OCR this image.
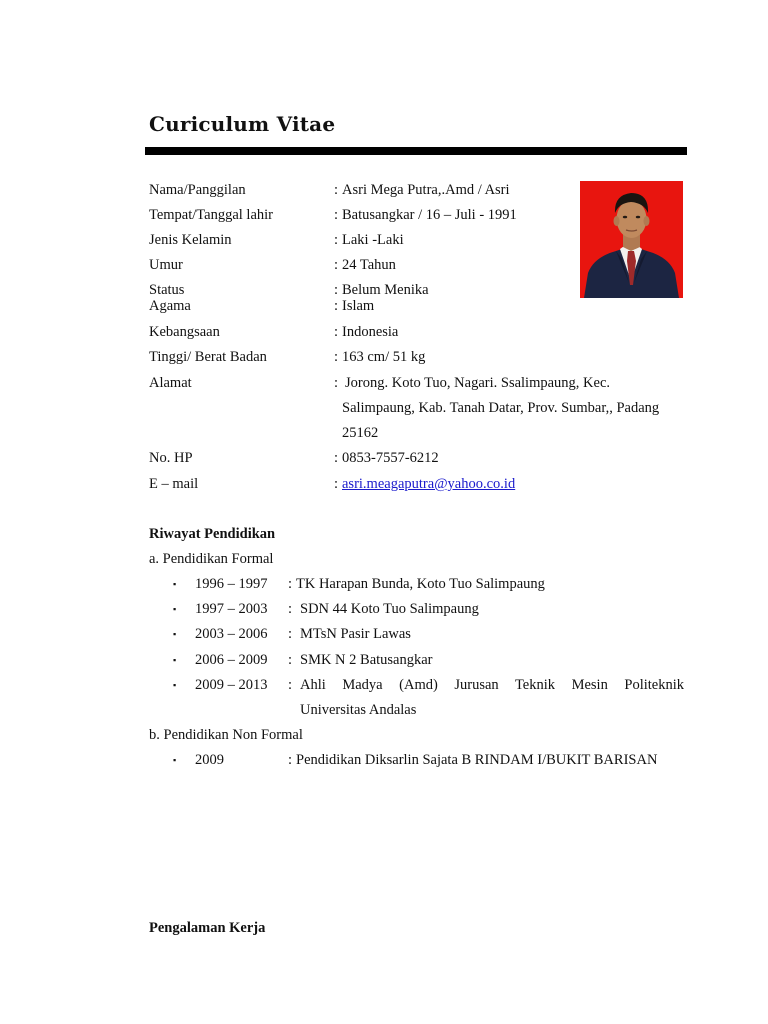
Curiculum Vitae
Nama/Panggilan	: Asri Mega Putra,.Amd / Asri
Tempat/Tanggal lahir	: Batusangkar / 16 – Juli - 1991
Jenis Kelamin	: Laki -Laki
Umur	: 24 Tahun
Status	: Belum Menika
Agama	: Islam
Kebangsaan	: Indonesia
Tinggi/ Berat Badan	: 163 cm/ 51 kg
Alamat	: Jorong. Koto Tuo, Nagari. Ssalimpaung, Kec.
Salimpaung, Kab. Tanah Datar, Prov. Sumbar,, Padang
25162
No. HP	: 0853-7557-6212
E – mail	: asri.meagaputra@yahoo.co.id
Riwayat Pendidikan
a. Pendidikan Formal
▪ 1996 – 1997 : TK Harapan Bunda, Koto Tuo Salimpaung
▪ 1997 – 2003 : SDN 44 Koto Tuo Salimpaung
▪ 2003 – 2006 : MTsN Pasir Lawas
▪ 2006 – 2009 : SMK N 2 Batusangkar
▪ 2009 – 2013 : Ahli Madya (Amd) Jurusan Teknik Mesin Politeknik
Universitas Andalas
b. Pendidikan Non Formal
▪ 2009	: Pendidikan Diksarlin Sajata B RINDAM I/BUKIT BARISAN
Pengalaman Kerja
